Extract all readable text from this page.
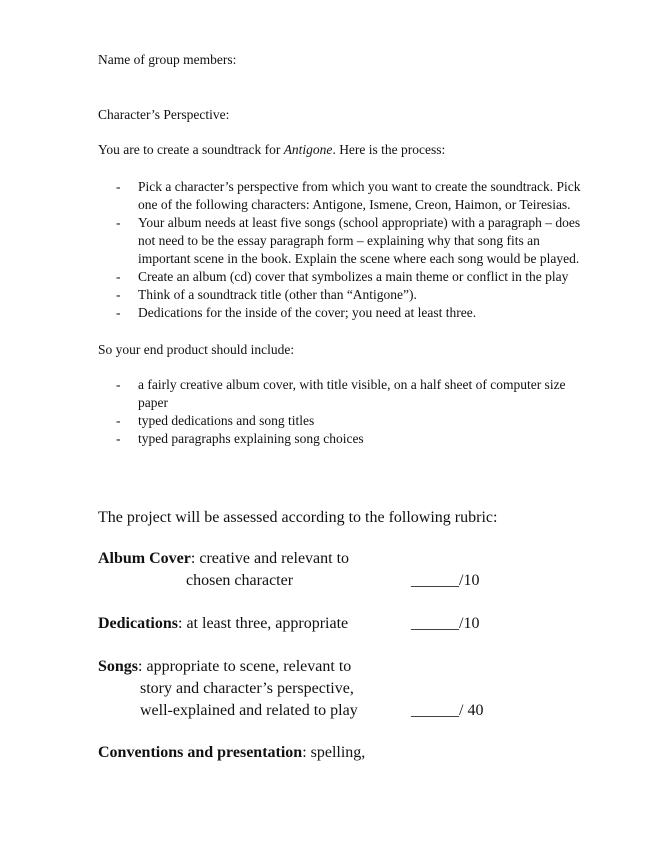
Name of group members:
Character’s Perspective:
You are to create a soundtrack for Antigone. Here is the process:
- Pick a character’s perspective from which you want to create the soundtrack. Pick
one of the following characters: Antigone, Ismene, Creon, Haimon, or Teiresias.
- Your album needs at least five songs (school appropriate) with a paragraph – does
not need to be the essay paragraph form – explaining why that song fits an
important scene in the book. Explain the scene where each song would be played.
- Create an album (cd) cover that symbolizes a main theme or conflict in the play
- Think of a soundtrack title (other than “Antigone”).
- Dedications for the inside of the cover; you need at least three.
So your end product should include:
- a fairly creative album cover, with title visible, on a half sheet of computer size
paper
- typed dedications and song titles
- typed paragraphs explaining song choices
The project will be assessed according to the following rubric:
Album Cover: creative and relevant to
chosen character	______/10
Dedications: at least three, appropriate	______/10
Songs: appropriate to scene, relevant to
story and character’s perspective,
well-explained and related to play	______/ 40
Conventions and presentation: spelling,
